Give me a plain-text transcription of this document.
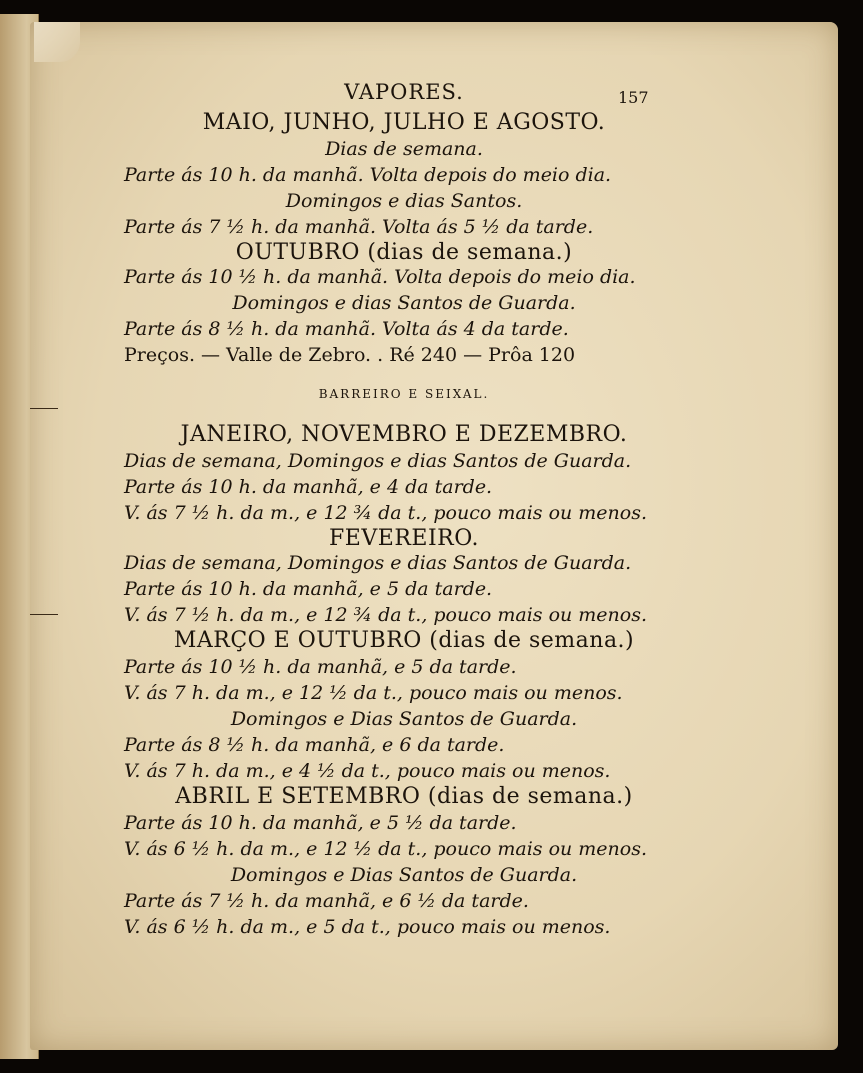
VAPORES.	157

MAIO, JUNHO, JULHO E AGOSTO.

Dias de semana.

Parte ás 10 h. da manhã. Volta depois do meio dia.

Domingos e dias Santos.

Parte ás 7 ½ h. da manhã. Volta ás 5 ½ da tarde.

OUTUBRO (dias de semana.)

Parte ás 10 ½ h. da manhã. Volta depois do meio dia.

Domingos e dias Santos de Guarda.

Parte ás 8 ½ h. da manhã. Volta ás 4 da tarde.

Preços. — Valle de Zebro. . Ré 240 — Prôa 120

BARREIRO E SEIXAL.

JANEIRO, NOVEMBRO E DEZEMBRO.

Dias de semana, Domingos e dias Santos de Guarda.

Parte ás 10 h. da manhã, e 4 da tarde.

V. ás 7 ½ h. da m., e 12 ¾ da t., pouco mais ou menos.

FEVEREIRO.

Dias de semana, Domingos e dias Santos de Guarda.

Parte ás 10 h. da manhã, e 5 da tarde.

V. ás 7 ½ h. da m., e 12 ¾ da t., pouco mais ou menos.

MARÇO E OUTUBRO (dias de semana.)

Parte ás 10 ½ h. da manhã, e 5 da tarde.

V. ás 7 h. da m., e 12 ½ da t., pouco mais ou menos.

Domingos e Dias Santos de Guarda.

Parte ás 8 ½ h. da manhã, e 6 da tarde.

V. ás 7 h. da m., e 4 ½ da t., pouco mais ou menos.

ABRIL E SETEMBRO (dias de semana.)

Parte ás 10 h. da manhã, e 5 ½ da tarde.

V. ás 6 ½ h. da m., e 12 ½ da t., pouco mais ou menos.

Domingos e Dias Santos de Guarda.

Parte ás 7 ½ h. da manhã, e 6 ½ da tarde.

V. ás 6 ½ h. da m., e 5 da t., pouco mais ou menos.
